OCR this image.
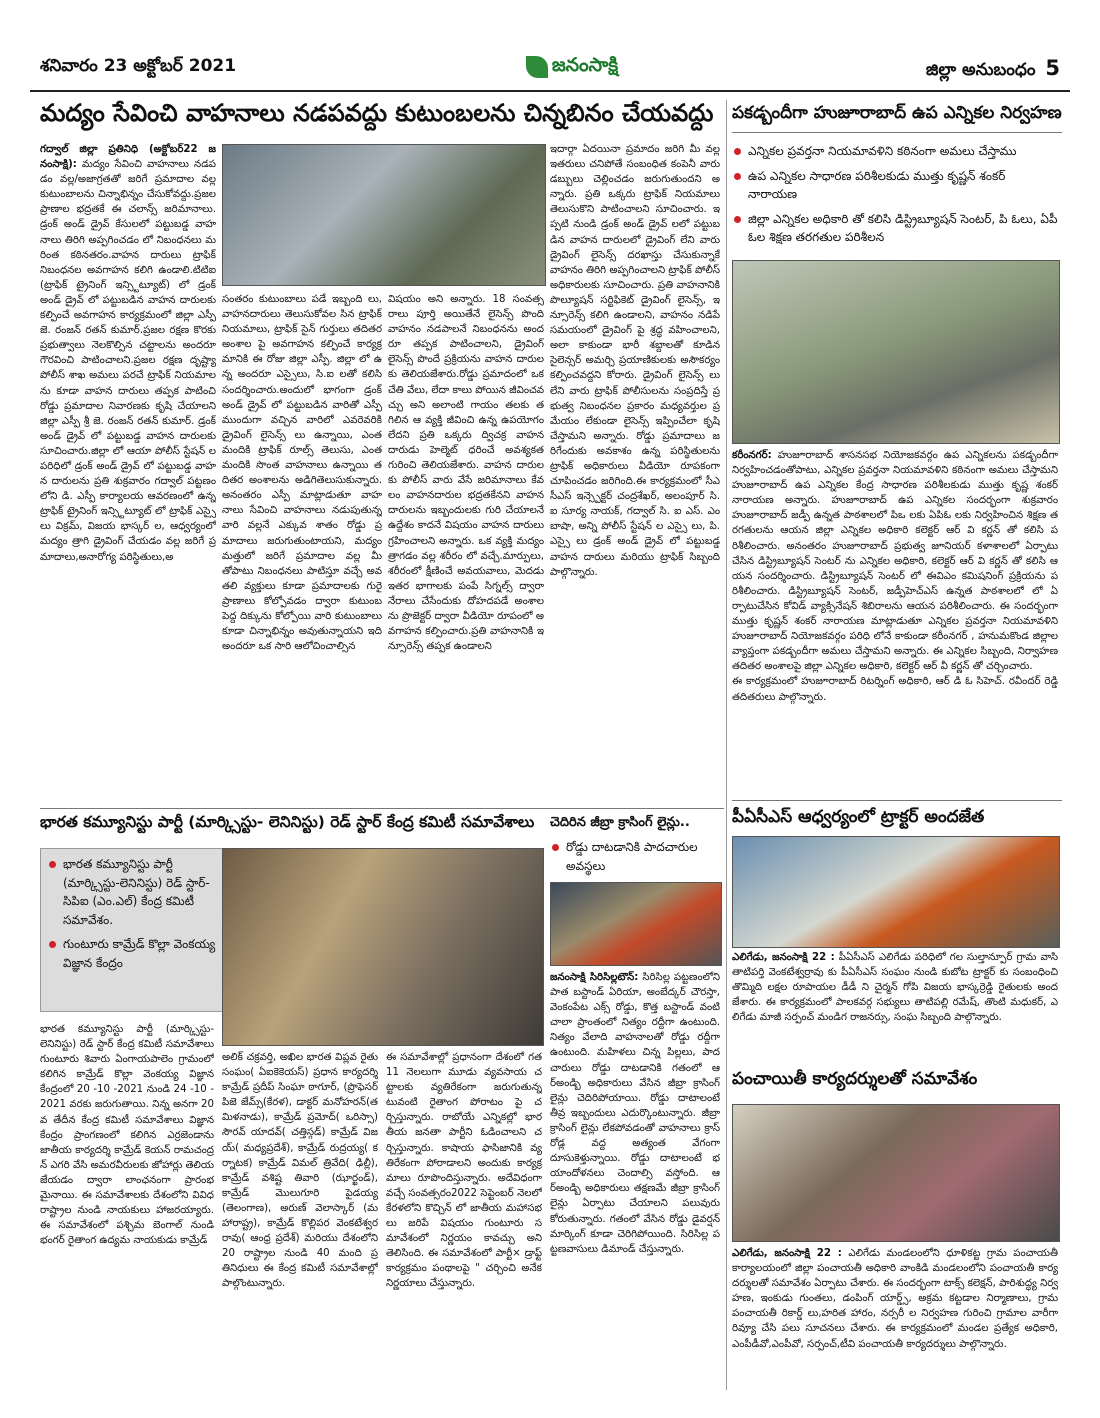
శనివారం 23 అక్టోబర్ 2021	జనంసాక్షి	జిల్లా అనుబంధం 5
మద్యం సేవించి వాహనాలు నడపవద్దు కుటుంబలను చిన్నబినం చేయవద్దు
గద్వాల్ జిల్లా ప్రతినిధి (అక్టోబర్22 జనంసాక్షి): మద్యం సేవించి వాహనాలు నడపడం వల్ల/అజాగ్రతతో జరిగే ప్రమాదాల వల్ల కుటుంబాలను చిన్నాభిన్నం చేసుకోవద్దు.ప్రజల ప్రాణాల భద్రతకే ఈ చలాన్స్ జరిమానాలు.డ్రంక్ అండ్ డ్రైవ్ కేసులలో పట్టుబడ్డ వాహనాలు తిరిగి అప్పగించడం లో నిబంధనలు మరింత కఠినతరం.వాహన దారులు ట్రాఫిక్ నిబంధనల అవగాహన కలిగి ఉండాలి.టిటిఐ (ట్రాఫిక్ ట్రైనింగ్ ఇన్స్టిట్యూట్) లో డ్రంక్ అండ్ డ్రైవ్ లో పట్టుబడిన వాహన దారులకు కల్పించే అవగాహన కార్యక్రమంలో జిల్లా ఎస్పీ జె. రంజన్ రతన్ కుమార్.ప్రజల రక్షణ కొరకు ప్రభుత్వాలు నెలకొల్పిన చట్టాలను అందరూ గౌరవించి పాటించాలని.ప్రజల రక్షణ దృష్ట్యా పోలీస్ శాఖ అమలు పరచే ట్రాఫిక్ నియమాలను కూడా వాహన దారులు తప్పక పాటించి రోడ్డు ప్రమాదాల నివారణకు కృషి చేయాలని జిల్లా ఎస్పీ శ్రీ జె. రంజన్ రతన్ కుమార్. డ్రంక్ అండ్ డ్రైవ్ లో పట్టుబడ్డ వాహన దారులకు సూచించారు.జిల్లా లో ఆయా పోలీస్ స్టేషన్ ల పరిధిలో డ్రంక్ అండ్ డ్రైవ్ లో పట్టుబడ్డ వాహన దారులను ప్రతి శుక్రవారం గద్వాల్ పట్టణం లోని డి. ఎస్పీ కార్యాలయ ఆవరణంలో ఉన్న ట్రాఫిక్ ట్రైనింగ్ ఇన్స్టిట్యూట్ లో ట్రాఫిక్ ఎస్సై లు విక్రమ్, విజయ భాస్కర్ ల, ఆధ్వర్యంలో మద్యం త్రాగి డ్రైవింగ్ చేయడం వల్ల జరిగే ప్రమాదాలు,అనారోగ్య పరిస్థితులు,అ
సంతరం కుటుంబాలు పడే ఇబ్బంది లు, వాహనదారులు తెలుసుకోవల సిన ట్రాఫిక్ నియమాలు, ట్రాఫిక్ సైన్ గుర్తులు తదితర అంశాల పై అవగాహన కల్పించే కార్యక్రమానికి ఈ రోజు జిల్లా ఎస్పీ. జిల్లా లో ఉన్న అందరూ ఎస్సైలు, సి.ఐ లతో కలిసి సందర్శించారు.అందులో భాగంగా డ్రంక్ అండ్ డ్రైవ్ లో పట్టుబడిన వారితో ఎస్పీ ముందుగా వచ్చిన వారిలో ఎవరెవరికి డ్రైవింగ్ లైసెన్స్ లు ఉన్నాయి, ఎంత మందికి ట్రాఫిక్ రూల్స్ తెలుసు, ఎంత మందికి సొంత వాహనాలు ఉన్నాయి తదితర అంశాలను అడిగితెలుసుకున్నారు. అనంతరం ఎస్పీ మాట్లాడుతూ వాహనాలు సేవించి వాహనాలు నడుపుతున్న వారి వల్లనే ఎక్కువ శాతం రోడ్డు ప్రమాదాలు జరుగుతుంటాయని, మద్యం మత్తులో జరిగే ప్రమాదాల వల్ల మీ తోపాటు నిబంధనలు పాటిస్తూ వచ్చే అవతలి వ్యక్తులు కూడా ప్రమాదాలకు గురై ప్రాణాలు కోల్పోవడం ద్వారా కుటుంబ పెద్ద దిక్కును కోల్పోయి వారి కుటుంబాలు కూడా చిన్నాభిన్నం అవుతున్నాయని ఇది అందరూ ఒక సారి ఆలోచించాల్సిన
విషయం అని అన్నారు. 18 సంవత్సరాలు పూర్తి అయితేనే లైసెన్స్ పొంది వాహనం నడపాలనే నిబంధనను అందరూ తప్పక పాటించాలని, డ్రైవింగ్ లైసెన్స్ పొందే ప్రక్రియను వాహన దారులకు తెలియజేశారు.రోడ్డు ప్రమాదంలో ఒక చేతి వేలు, లేదా కాలు పోయిన జీవించవచ్చు అని అలాంటి గాయం తలకు తగిలిన ఆ వ్యక్తి జీవించి ఉన్న ఉపయోగం లేదని ప్రతి ఒక్కరు ద్విచక్ర వాహనదారుడు హెల్మెట్ ధరించే అవశ్యకత గురించి తెలియజేశారు. వాహన దారులకు పోలీస్ వారు వేసే జరిమానాలు కేవలం వాహనదారుల భద్రతకేనని వాహన దారులను ఇబ్బందులకు గురి చేయాలనే ఉద్దేశం కాదనే విషయం వాహన దారులు గ్రహించాలని అన్నారు. ఒక వ్యక్తి మద్యం త్రాగడం వల్ల శరీరం లో వచ్చే.మార్పులు, శరీరంలో క్షీణించే అవయవాలు, మెదడు ఇతర భాగాలకు పంపే సిగ్నల్స్ ద్వారా నేరాలు చేసేందుకు దోహదపడే అంశాలను ప్రొజెక్టర్ ద్వారా వీడియో రూపంలో అవగాహన కల్పించారు.ప్రతి వాహనానికి ఇన్సూరెన్స్ తప్పక ఉండాలని
ఇదార్గా ఏదయినా ప్రమాదం జరిగి మీ వల్ల ఇతరులు చనిపోతే సంబంధిత కంపెనీ వారు డబ్బులు చెల్లించడం జరుగుతుందని అన్నారు. ప్రతి ఒక్కరు ట్రాఫిక్ నియమాలు తెలుసుకొని పాటించాలని సూచించారు. ఇప్పటి నుండి డ్రంక్ అండ్ డ్రైవ్ లలో పట్టుబడిన వాహన దారులలో డ్రైవింగ్ లేని వారు డ్రైవింగ్ లైసెన్స్ దరఖాస్తు చేసుకున్నాకే వాహనం తిరిగి అప్పగించాలని ట్రాఫిక్ పోలీస్ అధికారులకు సూచించారు. ప్రతి వాహనానికి పొల్యూషన్ సర్టిఫికెట్ డ్రైవింగ్ లైసెన్స్, ఇన్సూరెన్స్ కలిగి ఉండాలని, వాహనం నడిపే సమయంలో డ్రైవింగ్ పై శ్రద్ధ వహించాలని, అలా కాకుండా భారీ శబ్దాలతో కూడిన సైలెన్సర్ అమర్చి ప్రయాణికులకు అసౌకర్యం కల్పించవద్దని కోరారు. డ్రైవింగ్ లైసెన్స్ లు లేని వారు ట్రాఫిక్ పోలీసులను సంప్రదిస్తే ప్రభుత్వ నిబంధనల ప్రకారం మధ్యవర్తుల ప్రమేయం లేకుండా లైసెన్స్ ఇప్పించేలా కృషి చేస్తామని అన్నారు. రోడ్డు ప్రమాదాలు జరిగేందుకు అవకాశం ఉన్న పరిస్థితులను ట్రాఫిక్ అధికారులు వీడియో రూపకంగా చూపించడం జరిగింది.ఈ కార్యక్రమంలో సీఎసీఎస్ ఇన్స్పెక్టర్ చంద్రశేఖర్, అలంపూర్ సి. ఐ సూర్య నాయక్, గద్వాల్ సి. ఐ ఎస్. ఎం బాషా, అన్ని పోలీస్ స్టేషన్ ల ఎస్సై లు, పి. ఎస్సై లు డ్రంక్ అండ్ డ్రైవ్ లో పట్టుబడ్డ వాహన దారులు మరియు ట్రాఫిక్ సిబ్బంది పాల్గొన్నారు.
పకడ్బందీగా హుజూరాబాద్ ఉప ఎన్నికల నిర్వహణ
ఎన్నికల ప్రవర్తనా నియమావళిని కఠినంగా అమలు చేస్తాము
ఉప ఎన్నికల సాధారణ పరిశీలకుడు ముత్తు కృష్ణన్ శంకర్ నారాయణ
జిల్లా ఎన్నికల అధికారి తో కలిసి డిస్ట్రిబ్యూషన్ సెంటర్, పి ఓలు, ఏపీ ఓల శిక్షణ తరగతుల పరిశీలన
కరీంనగర్: హుజూరాబాద్ శాసనసభ నియోజకవర్గం ఉప ఎన్నికలను పకడ్బందీగా నిర్వహించడంతోపాటు, ఎన్నికల ప్రవర్తనా నియమావళిని కఠినంగా అమలు చేస్తామని హుజూరాబాద్ ఉప ఎన్నికల కేంద్ర సాధారణ పరిశీలకుడు ముత్తు కృష్ణ శంకర్ నారాయణ అన్నారు. హుజూరాబాద్ ఉప ఎన్నికల సందర్భంగా శుక్రవారం హుజూరాబాద్ జడ్పీ ఉన్నత పాఠశాలలో పిఒ లకు ఏపిఓ లకు నిర్వహించిన శిక్షణ తరగతులను ఆయన జిల్లా ఎన్నికల అధికారి కలెక్టర్ ఆర్ వి కర్ణన్ తో కలిసి పరిశీలించారు. అనంతరం హుజూరాబాద్ ప్రభుత్వ జూనియర్ కళాశాలలో ఏర్పాటు చేసిన డిస్ట్రిబ్యూషన్ సెంటర్ ను ఎన్నికల అధికారి, కలెక్టర్ ఆర్ వి కర్ణన్ తో కలిసి ఆయన సందర్శించారు. డిస్ట్రిబ్యూషన్ సెంటర్ లో ఈవిఎం కమిషనింగ్ ప్రక్రియను పరిశీలించారు. డిస్ట్రిబ్యూషన్ సెంటర్, జడ్పీహెచ్ఎస్ ఉన్నత పాఠశాలలో లో ఏర్పాటుచేసిన కోవిడ్ వ్యాక్సినేషన్ శిబిరాలను ఆయన పరిశీలించారు. ఈ సందర్భంగా ముత్తు కృష్ణన్ శంకర్ నారాయణ మాట్లాడుతూ ఎన్నికల ప్రవర్తనా నియమావళిని హుజూరాబాద్ నియోజకవర్గం పరిధి లోనే కాకుండా కరీంనగర్ , హనుమకొండ జిల్లాల వ్యాప్తంగా పకడ్బందీగా అమలు చేస్తామని అన్నారు. ఈ ఎన్నికల సిబ్బంది, నిర్వాహణ తదితర అంశాలపై జిల్లా ఎన్నికల అధికారి, కలెక్టర్ ఆర్ వీ కర్ణన్ తో చర్చించారు.
ఈ కార్యక్రమంలో హుజూరాబాద్ రిటర్నింగ్ అధికారి, ఆర్ డి ఓ సిహెచ్. రవీందర్ రెడ్డి తదితరులు పాల్గొన్నారు.
భారత కమ్యూనిస్టు పార్టీ (మార్క్సిస్టు- లెనినిస్టు) రెడ్ స్టార్ కేంద్ర కమిటీ సమావేశాలు
భారత కమ్యూనిస్టు పార్టీ (మార్క్సిస్టు-లెనినిస్టు) రెడ్ స్టార్- సిపిఐ (ఎం.ఎల్) కేంద్ర కమిటీ సమావేశం.
గుంటూరు కామ్రేడ్ కొల్లా వెంకయ్య విజ్ఞాన కేంద్రం
భారత కమ్యూనిస్టు పార్టీ (మార్క్సిస్టు- లెనినిస్టు) రెడ్ స్టార్ కేంద్ర కమిటీ సమావేశాలు గుంటూరు శివారు ఏంగాయపాలెం గ్రామంలో కలిగిన కామ్రేడ్ కొల్లా వెంకయ్య విజ్ఞాన కేంద్రంలో 20 -10 -2021 నుండి 24 -10 -2021 వరకు జరుగుతాయి. నిన్న అనగా 20వ తేదీన కేంద్ర కమిటీ సమావేశాలు విజ్ఞాన కేంద్రం ప్రాంగణంలో కలిగిన ఎర్రజెండాను జాతీయ కార్యదర్శి కామ్రేడ్ కెయన్ రామచంద్రన్ ఎగరి వేసి అమరవీరులకు జోహార్లు తెలియజేయడం ద్వారా లాంఛనంగా ప్రారంభమైనాయి. ఈ సమావేశాలకు దేశంలోని వివిధ రాష్ట్రాల నుండి నాయకులు హాజరయ్యారు. ఈ సమావేశంలో పశ్చిమ బెంగాల్ నుండి భంగర్ రైతాంగ ఉద్యమ నాయకుడు కామ్రేడ్
అలిక్ చక్రవర్తి, అఖిల భారత విప్లవ రైతు సంఘం( ఏఐకెకెయస్) ప్రధాన కార్యదర్శి కామ్రేడ్ ప్రదీప్ సింఘా ఠాగూర్, (ప్రొఫెసర్ పిజె జేమ్స్(కేరళ), డాక్టర్ మనోహరన్(తమిళనాడు), కామ్రేడ్ ప్రమోద్( ఒరిస్సా) సౌరవ్ యాదవ్( చత్తిస్గడ్) కామ్రేడ్ విజయ్( మధ్యప్రదేశ్), కామ్రేడ్ రుద్రయ్య( కర్నాటక) కామ్రేడ్ విమల్ త్రివేది( ఢిల్లీ), కామ్రేడ్ వశిష్ట తివారి (ఝార్ఖండ్), కామ్రేడ్ మొలుగూరి పైడయ్య (తెలంగాణ), అరుణ్ వెలాస్కార్ (మహారాష్ట్ర), కామ్రేడ్ కొల్లిపర వెంకటేశ్వరరావు( ఆంధ్ర ప్రదేశ్) మరియు దేశంలోని 20 రాష్ట్రాల నుండి 40 మంది ప్రతినిధులు ఈ కేంద్ర కమిటీ సమావేశాల్లో పాల్గొంటున్నారు.
ఈ సమావేశాల్లో ప్రధానంగా దేశంలో గత 11 నెలలుగా మూడు వ్యవసాయ చట్టాలకు వ్యతిరేకంగా జరుగుతున్నటువంటి రైతాంగ పోరాటం పై చర్చిస్తున్నారు. రాబోయే ఎన్నికల్లో భారతీయ జనతా పార్టీని ఓడించాలని చర్చిస్తున్నారు. కాషాయ ఫాసిజానికి వ్యతిరేకంగా పోరాడాలని అందుకు కార్యక్రమాలు రూపొందిస్తున్నారు. అదేవిధంగా వచ్చే సంవత్సరం2022 సెప్టెంబర్ నెలలో కేరళలోని కొచ్చిన్ లో జాతీయ మహాసభలు జరిపే విషయం గుంటూరు సమావేశంలో నిర్ణయం కావచ్చు అని తెలిసింది. ఈ సమావేశంలో పార్టీ× డ్రాఫ్ట్ కార్యక్రమం పంథాలపై " చర్చించి అనేక నిర్ణయాలు చేస్తున్నారు.
చెదిరిన జీబ్రా క్రాసింగ్ లైన్లు..
రోడ్డు దాటడానికి పాదచారుల అవస్థలు
జనంసాక్షి సిరిసిల్లటౌన్: సిరిసిల్ల పట్టణంలోని పాత బస్టాండ్ ఏరియా, అంబేద్కర్ చౌరస్తా, వెంకంపేట ఎక్స్ రోడ్డు, కొత్త బస్టాండ్ వంటి చాలా ప్రాంతంలో నిత్యం రద్దీగా ఉంటుంది. నిత్యం వేలాది వాహనాలతో రోడ్డు రద్దీగా ఉంటుంది. మహిళలు చిన్న పిల్లలు, పాదచారులు రోడ్డు దాటడానికి గతంలో ఆర్అండ్బి అధికారులు వేసిన జీబ్రా క్రాసింగ్ లైన్లు చెదిరిపోయాయి. రోడ్డు దాటాలంటే తీవ్ర ఇబ్బందులు ఎదుర్కొంటున్నారు. జీబ్రా క్రాసింగ్ లైన్లు లేకపోవడంతో వాహనాలు క్రాస్ రోడ్ల వద్ద అత్యంత వేగంగా దూసుకెళ్తున్నాయి. రోడ్డు దాటాలంటే భయాందోళనలు చెందాల్సి వస్తోంది. ఆర్అండ్బి అధికారులు తక్షణమే జీబ్రా క్రాసింగ్ లైన్లు ఏర్పాటు చేయాలని పలువురు కోరుతున్నారు. గతంలో వేసిన రోడ్డు డైవర్షన్ మార్కింగ్ కూడా చెరిగిపోయింది. సిరిసిల్ల పట్టణవాసులు డిమాండ్ చేస్తున్నారు.
పీఏసీఎస్ ఆధ్వర్యంలో ట్రాక్టర్ అందజేత
ఎలిగేడు, జనంసాక్షి 22 : పీఏసీఎస్ ఎలిగేడు పరిధిలో గల సుల్తాన్పూర్ గ్రామ వాసి తాటిపర్తి వెంకటేశ్వర్రావు కు పీఏసీఎస్ సంఘం నుండి కుబోట ట్రాక్టర్ కు సంబంధించి తొమ్మిది లక్షల రూపాయల డీడీ ని చైర్మన్ గోపి విజయ భాస్కర్రెడ్డి రైతులకు అందజేశారు. ఈ కార్యక్రమంలో పాలకవర్గ సభ్యులు తాటిపల్లి రమేష్, తొంటి మధుకర్, ఎలిగేడు మాజీ సర్పంచ్ మండిగ రాజనర్సు, సంఘ సిబ్బంది పాల్గొన్నారు.
పంచాయితీ కార్యదర్శులతో సమావేశం
ఎలిగేడు, జనంసాక్షి 22 : ఎలిగేడు మండలంలోని ధూళికట్ట గ్రామ పంచాయతీ కార్యాలయంలో జిల్లా పంచాయతీ అధికారి వాంకిడి మండలంలోని పంచాయతీ కార్యదర్శులతో సమావేశం ఏర్పాటు చేశారు. ఈ సందర్భంగా టాక్స్ కలెక్షన్, పారిశుద్ధ్య నిర్వహణ, ఇంకుడు గుంతలు, డంపింగ్ యార్డ్స్, అక్రమ కట్టడాల నిర్మాణాలు, గ్రామ పంచాయతీ రికార్డ్ లు,హరిత హారం, నర్సరీ ల నిర్వహణ గురించి గ్రామాల వారీగా రివ్యూ చేసి పలు సూచనలు చేశారు. ఈ కార్యక్రమంలో మండల ప్రత్యేక అధికారి,ఎంపీడీవో,ఎంపీవో, సర్పంచ్,టీవి పంచాయతీ కార్యదర్శులు పాల్గొన్నారు.
